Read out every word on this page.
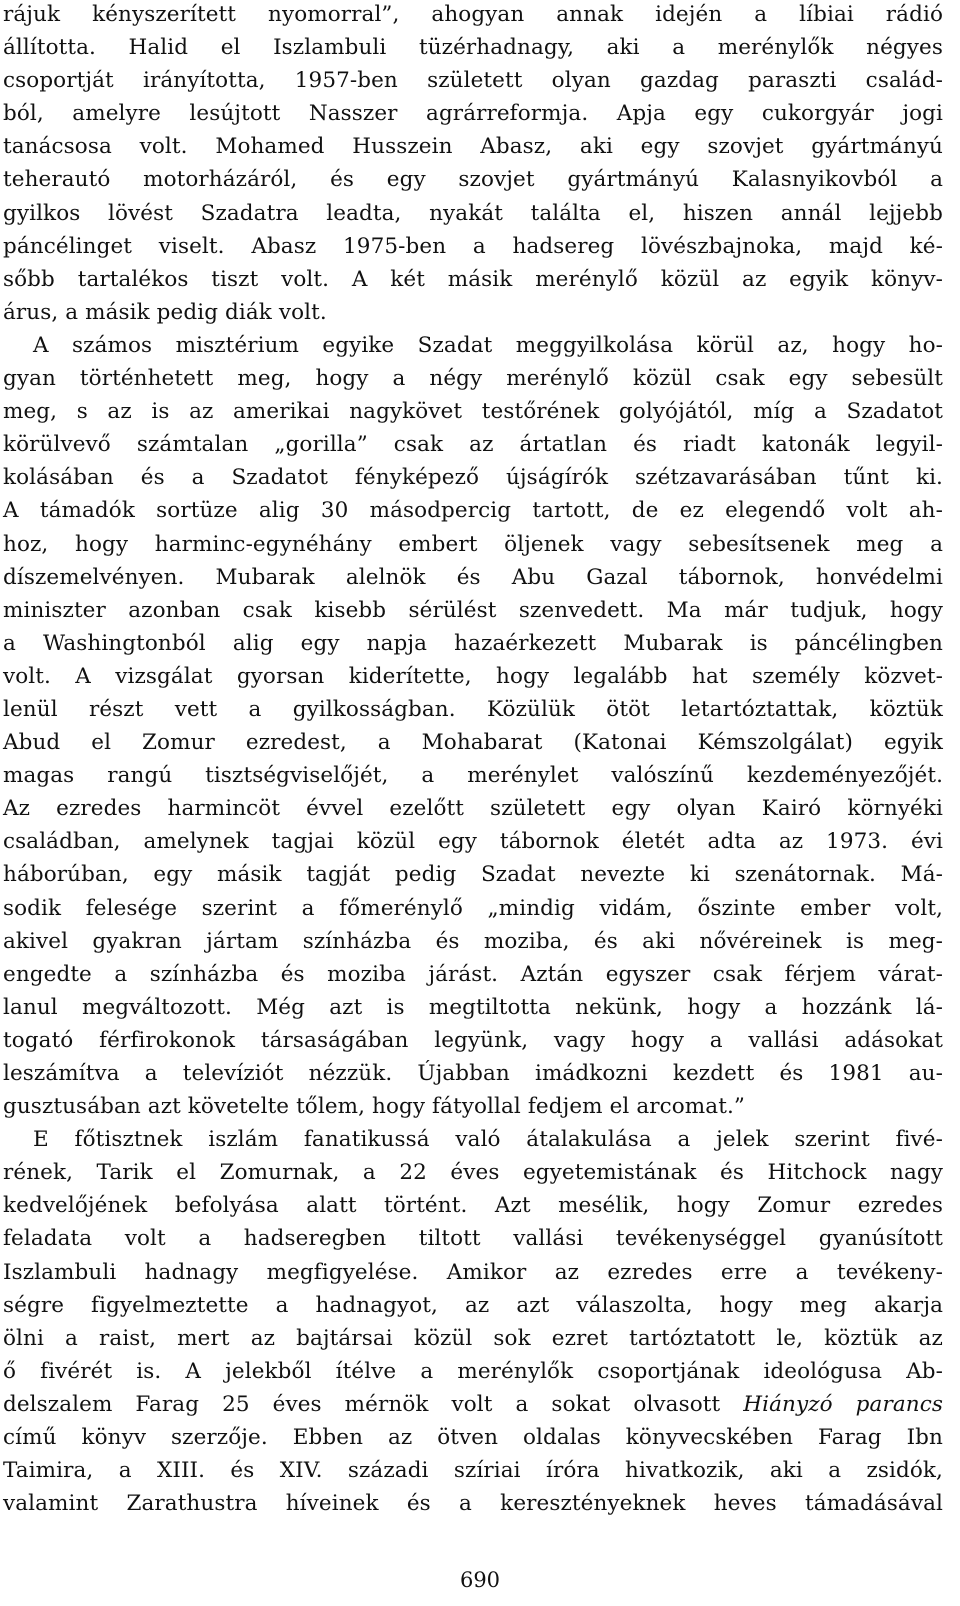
rájuk kényszerített nyomorral”, ahogyan annak idején a líbiai rádió
állította. Halid el Iszlambuli tüzérhadnagy, aki a merénylők négyes
csoportját irányította, 1957-ben született olyan gazdag paraszti család-
ból, amelyre lesújtott Nasszer agrárreformja. Apja egy cukorgyár jogi
tanácsosa volt. Mohamed Husszein Abasz, aki egy szovjet gyártmányú
teherautó motorházáról, és egy szovjet gyártmányú Kalasnyikovból a
gyilkos lövést Szadatra leadta, nyakát találta el, hiszen annál lejjebb
páncélinget viselt. Abasz 1975-ben a hadsereg lövészbajnoka, majd ké-
sőbb tartalékos tiszt volt. A két másik merénylő közül az egyik könyv-
árus, a másik pedig diák volt.
A számos misztérium egyike Szadat meggyilkolása körül az, hogy ho-
gyan történhetett meg, hogy a négy merénylő közül csak egy sebesült
meg, s az is az amerikai nagykövet testőrének golyójától, míg a Szadatot
körülvevő számtalan „gorilla” csak az ártatlan és riadt katonák legyil-
kolásában és a Szadatot fényképező újságírók szétzavarásában tűnt ki.
A támadók sortüze alig 30 másodpercig tartott, de ez elegendő volt ah-
hoz, hogy harminc-egynéhány embert öljenek vagy sebesítsenek meg a
díszemelvényen. Mubarak alelnök és Abu Gazal tábornok, honvédelmi
miniszter azonban csak kisebb sérülést szenvedett. Ma már tudjuk, hogy
a Washingtonból alig egy napja hazaérkezett Mubarak is páncélingben
volt. A vizsgálat gyorsan kiderítette, hogy legalább hat személy közvet-
lenül részt vett a gyilkosságban. Közülük ötöt letartóztattak, köztük
Abud el Zomur ezredest, a Mohabarat (Katonai Kémszolgálat) egyik
magas rangú tisztségviselőjét, a merénylet valószínű kezdeményezőjét.
Az ezredes harmincöt évvel ezelőtt született egy olyan Kairó környéki
családban, amelynek tagjai közül egy tábornok életét adta az 1973. évi
háborúban, egy másik tagját pedig Szadat nevezte ki szenátornak. Má-
sodik felesége szerint a főmerénylő „mindig vidám, őszinte ember volt,
akivel gyakran jártam színházba és moziba, és aki nővéreinek is meg-
engedte a színházba és moziba járást. Aztán egyszer csak férjem várat-
lanul megváltozott. Még azt is megtiltotta nekünk, hogy a hozzánk lá-
togató férfirokonok társaságában legyünk, vagy hogy a vallási adásokat
leszámítva a televíziót nézzük. Újabban imádkozni kezdett és 1981 au-
gusztusában azt követelte tőlem, hogy fátyollal fedjem el arcomat.”
E főtisztnek iszlám fanatikussá való átalakulása a jelek szerint fivé-
rének, Tarik el Zomurnak, a 22 éves egyetemistának és Hitchock nagy
kedvelőjének befolyása alatt történt. Azt mesélik, hogy Zomur ezredes
feladata volt a hadseregben tiltott vallási tevékenységgel gyanúsított
Iszlambuli hadnagy megfigyelése. Amikor az ezredes erre a tevékeny-
ségre figyelmeztette a hadnagyot, az azt válaszolta, hogy meg akarja
ölni a raist, mert az bajtársai közül sok ezret tartóztatott le, köztük az
ő fivérét is. A jelekből ítélve a merénylők csoportjának ideológusa Ab-
delszalem Farag 25 éves mérnök volt a sokat olvasott Hiányzó parancs
című könyv szerzője. Ebben az ötven oldalas könyvecskében Farag Ibn
Taimira, a XIII. és XIV. századi szíriai íróra hivatkozik, aki a zsidók,
valamint Zarathustra híveinek és a keresztényeknek heves támadásával
690
